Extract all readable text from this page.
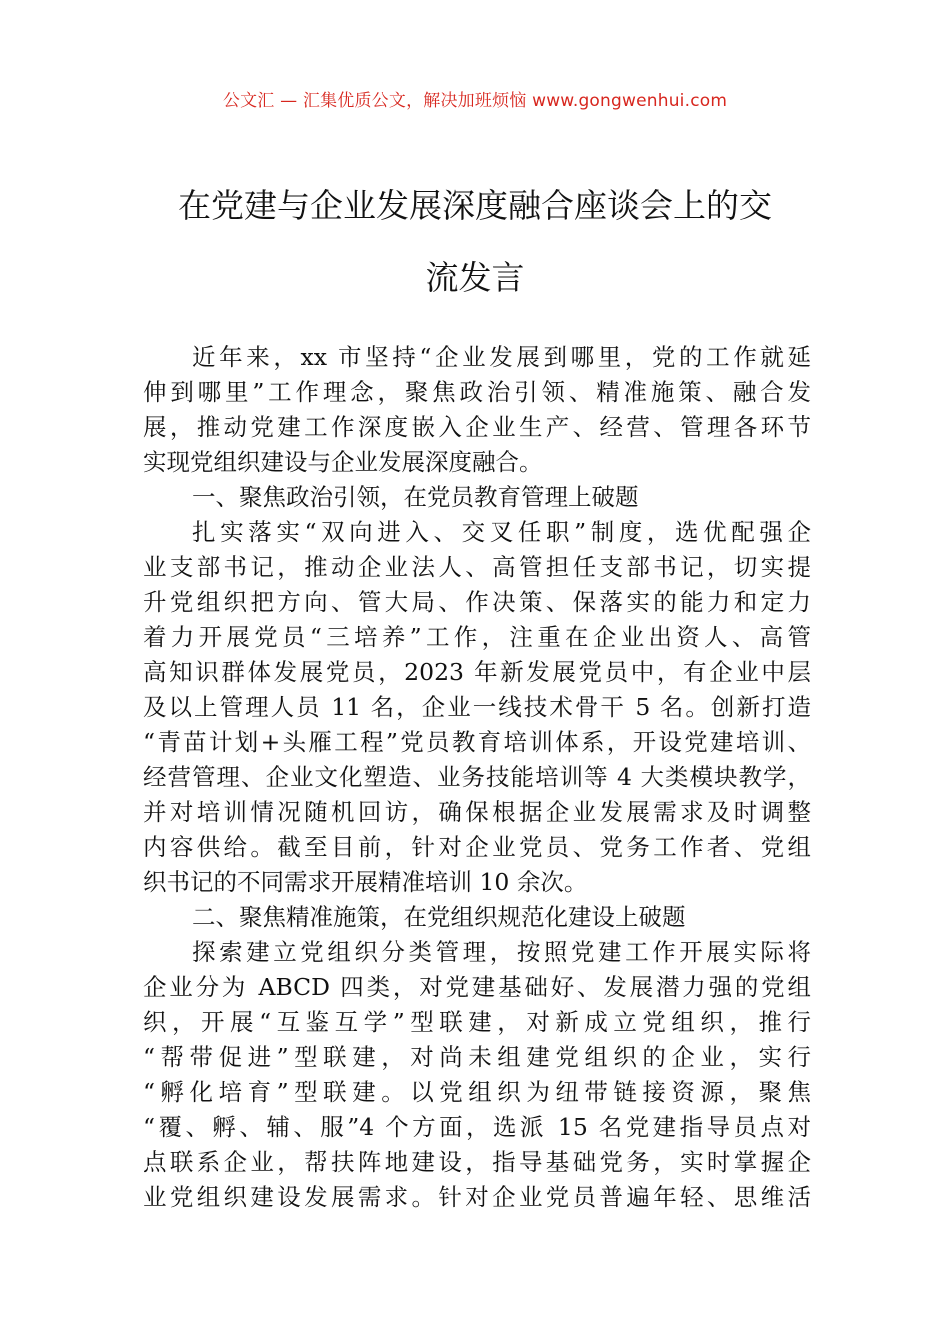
公文汇 — 汇集优质公文，解决加班烦恼 www.gongwenhui.com
在党建与企业发展深度融合座谈会上的交
流发言
近年来，xx 市坚持“企业发展到哪里，党的工作就延
伸到哪里”工作理念，聚焦政治引领、精准施策、融合发
展，推动党建工作深度嵌入企业生产、经营、管理各环节
实现党组织建设与企业发展深度融合。
一、聚焦政治引领，在党员教育管理上破题
扎实落实“双向进入、交叉任职”制度，选优配强企
业支部书记，推动企业法人、高管担任支部书记，切实提
升党组织把方向、管大局、作决策、保落实的能力和定力
着力开展党员“三培养”工作，注重在企业出资人、高管
高知识群体发展党员，2023 年新发展党员中，有企业中层
及以上管理人员 11 名，企业一线技术骨干 5 名。创新打造
“青苗计划+头雁工程”党员教育培训体系，开设党建培训、
经营管理、企业文化塑造、业务技能培训等 4 大类模块教学，
并对培训情况随机回访，确保根据企业发展需求及时调整
内容供给。截至目前，针对企业党员、党务工作者、党组
织书记的不同需求开展精准培训 10 余次。
二、聚焦精准施策，在党组织规范化建设上破题
探索建立党组织分类管理，按照党建工作开展实际将
企业分为 ABCD 四类，对党建基础好、发展潜力强的党组
织，开展“互鉴互学”型联建，对新成立党组织，推行
“帮带促进”型联建，对尚未组建党组织的企业，实行
“孵化培育”型联建。以党组织为纽带链接资源，聚焦
“覆、孵、辅、服”4 个方面，选派 15 名党建指导员点对
点联系企业，帮扶阵地建设，指导基础党务，实时掌握企
业党组织建设发展需求。针对企业党员普遍年轻、思维活
